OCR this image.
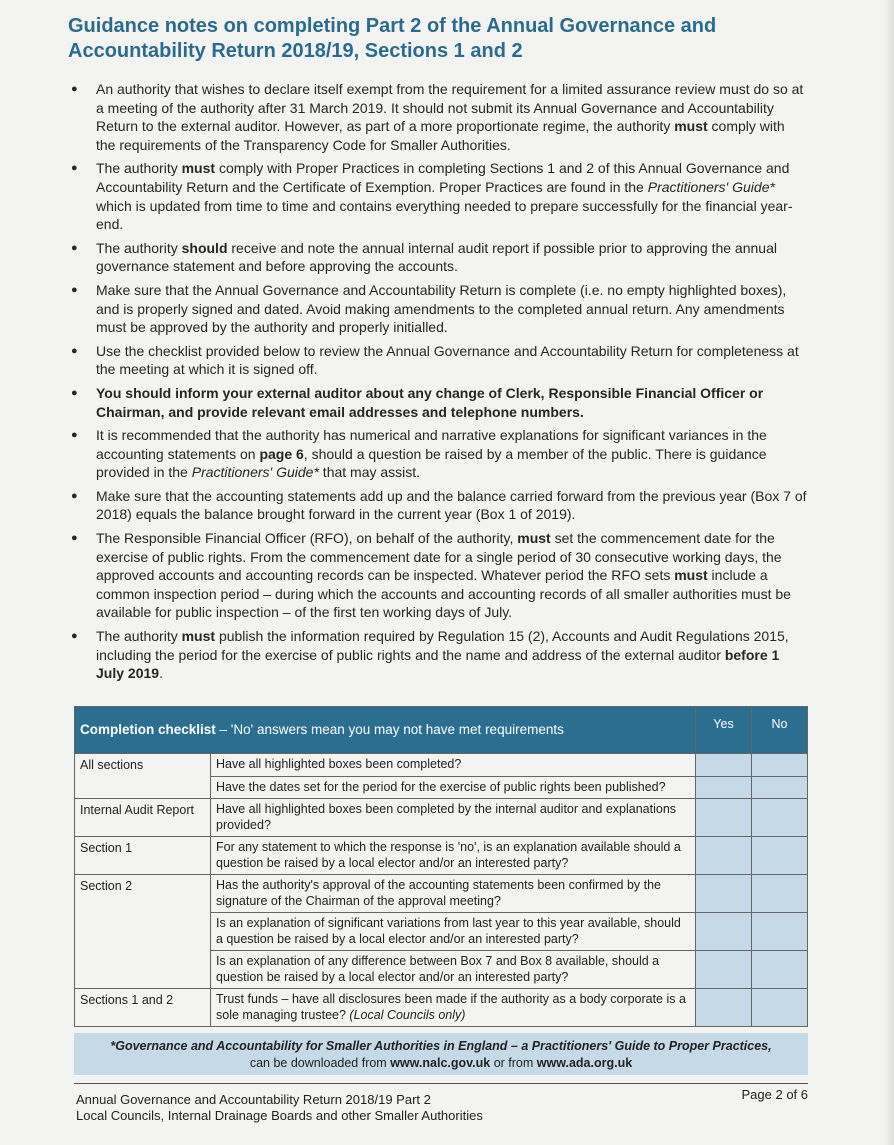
Guidance notes on completing Part 2 of the Annual Governance and Accountability Return 2018/19, Sections 1 and 2
● An authority that wishes to declare itself exempt from the requirement for a limited assurance review must do so at a meeting of the authority after 31 March 2019. It should not submit its Annual Governance and Accountability Return to the external auditor. However, as part of a more proportionate regime, the authority must comply with the requirements of the Transparency Code for Smaller Authorities.
● The authority must comply with Proper Practices in completing Sections 1 and 2 of this Annual Governance and Accountability Return and the Certificate of Exemption. Proper Practices are found in the Practitioners' Guide* which is updated from time to time and contains everything needed to prepare successfully for the financial year-end.
● The authority should receive and note the annual internal audit report if possible prior to approving the annual governance statement and before approving the accounts.
● Make sure that the Annual Governance and Accountability Return is complete (i.e. no empty highlighted boxes), and is properly signed and dated. Avoid making amendments to the completed annual return. Any amendments must be approved by the authority and properly initialled.
● Use the checklist provided below to review the Annual Governance and Accountability Return for completeness at the meeting at which it is signed off.
● You should inform your external auditor about any change of Clerk, Responsible Financial Officer or Chairman, and provide relevant email addresses and telephone numbers.
● It is recommended that the authority has numerical and narrative explanations for significant variances in the accounting statements on page 6, should a question be raised by a member of the public. There is guidance provided in the Practitioners' Guide* that may assist.
● Make sure that the accounting statements add up and the balance carried forward from the previous year (Box 7 of 2018) equals the balance brought forward in the current year (Box 1 of 2019).
● The Responsible Financial Officer (RFO), on behalf of the authority, must set the commencement date for the exercise of public rights. From the commencement date for a single period of 30 consecutive working days, the approved accounts and accounting records can be inspected. Whatever period the RFO sets must include a common inspection period – during which the accounts and accounting records of all smaller authorities must be available for public inspection – of the first ten working days of July.
● The authority must publish the information required by Regulation 15 (2), Accounts and Audit Regulations 2015, including the period for the exercise of public rights and the name and address of the external auditor before 1 July 2019.
Completion checklist – 'No' answers mean you may not have met requirements		Yes	No
All sections	Have all highlighted boxes been completed?		
	Have the dates set for the period for the exercise of public rights been published?		
Internal Audit Report	Have all highlighted boxes been completed by the internal auditor and explanations provided?		
Section 1	For any statement to which the response is 'no', is an explanation available should a question be raised by a local elector and/or an interested party?		
Section 2	Has the authority's approval of the accounting statements been confirmed by the signature of the Chairman of the approval meeting?		
	Is an explanation of significant variations from last year to this year available, should a question be raised by a local elector and/or an interested party?		
	Is an explanation of any difference between Box 7 and Box 8 available, should a question be raised by a local elector and/or an interested party?		
Sections 1 and 2	Trust funds – have all disclosures been made if the authority as a body corporate is a sole managing trustee? (Local Councils only)		
*Governance and Accountability for Smaller Authorities in England – a Practitioners' Guide to Proper Practices,
can be downloaded from www.nalc.gov.uk or from www.ada.org.uk
Annual Governance and Accountability Return 2018/19 Part 2
Local Councils, Internal Drainage Boards and other Smaller Authorities
Page 2 of 6
